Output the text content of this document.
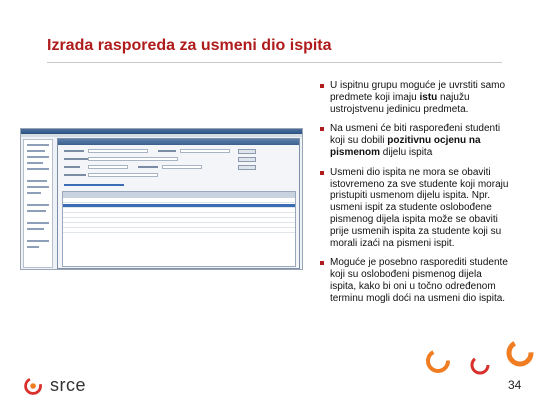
Izrada rasporeda za usmeni dio ispita
U ispitnu grupu moguće je uvrstiti samo predmete koji imaju istu najužu ustrojstvenu jedinicu predmeta.
Na usmeni će biti raspoređeni studenti koji su dobili pozitivnu ocjenu na pismenom dijelu ispita
Usmeni dio ispita ne mora se obaviti istovremeno za sve studente koji moraju pristupiti usmenom dijelu ispita. Npr. usmeni ispit za studente oslobođene pismenog dijela ispita može se obaviti prije usmenih ispita za studente koji su morali izaći na pismeni ispit.
Moguće je posebno rasporediti studente koji su oslobođeni pismenog dijela ispita, kako bi oni u točno određenom terminu mogli doći na usmeni dio ispita.
srce	34
